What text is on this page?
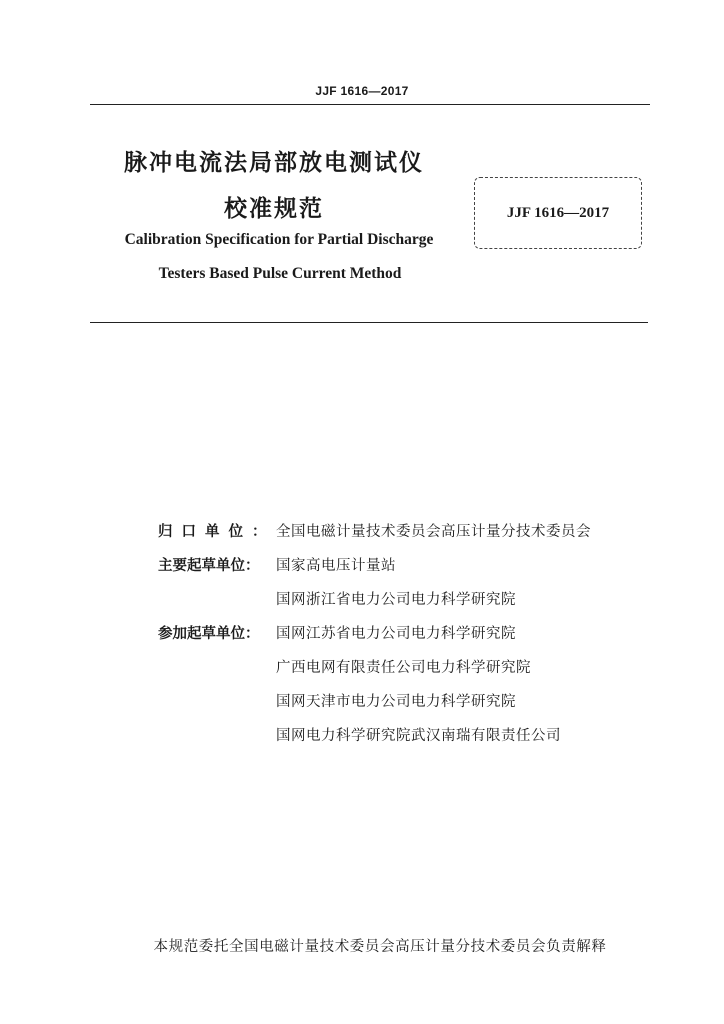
JJF 1616—2017
脉冲电流法局部放电测试仪
校准规范
Calibration Specification for Partial Discharge
Testers Based Pulse Current Method
JJF 1616—2017
归口单位： 全国电磁计量技术委员会高压计量分技术委员会
主要起草单位：	国家高电压计量站
国网浙江省电力公司电力科学研究院
参加起草单位：	国网江苏省电力公司电力科学研究院
广西电网有限责任公司电力科学研究院
国网天津市电力公司电力科学研究院
国网电力科学研究院武汉南瑞有限责任公司
本规范委托全国电磁计量技术委员会高压计量分技术委员会负责解释
